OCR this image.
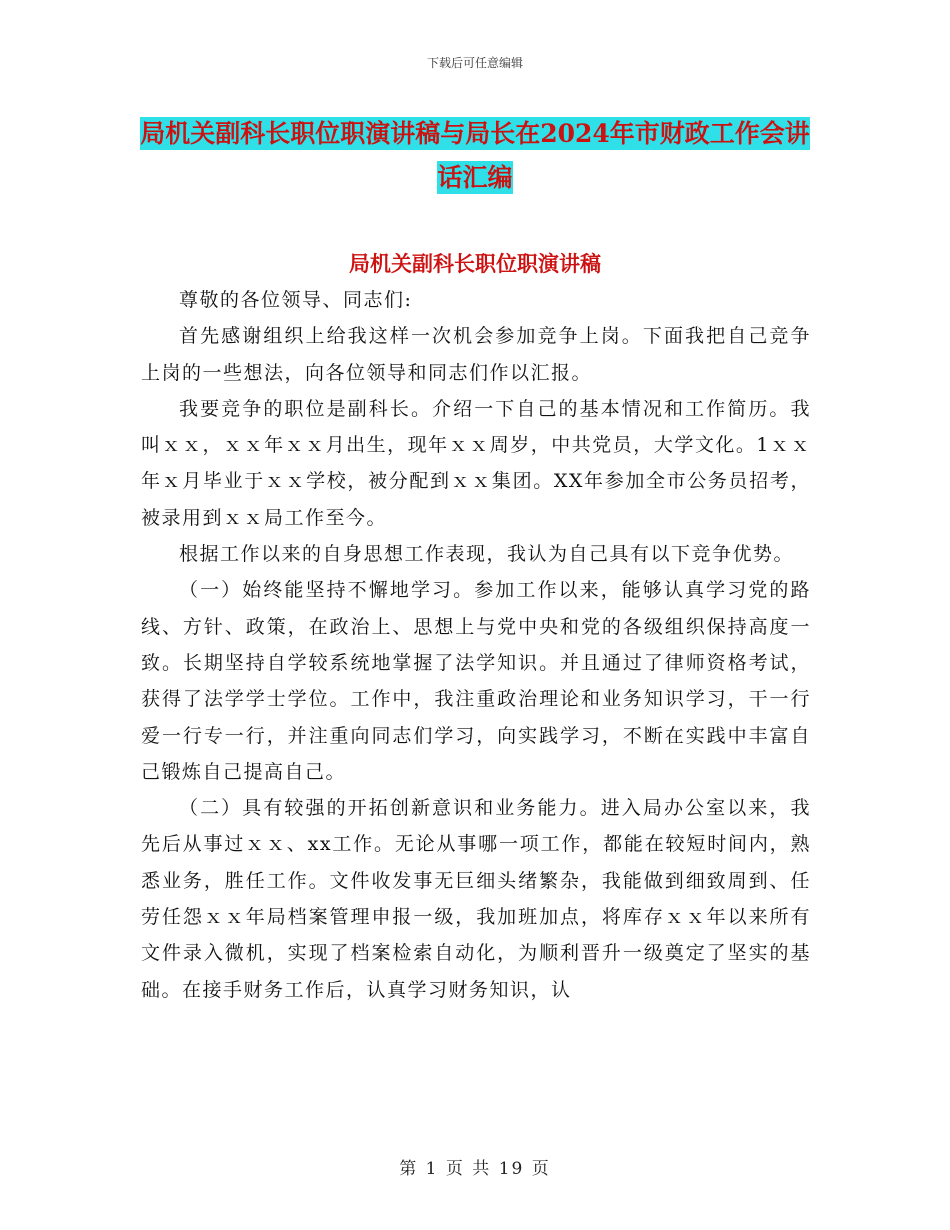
下载后可任意编辑
局机关副科长职位职演讲稿与局长在2024年市财政工作会讲话汇编
局机关副科长职位职演讲稿

尊敬的各位领导、同志们:

首先感谢组织上给我这样一次机会参加竞争上岗。下面我把自己竞争上岗的一些想法，向各位领导和同志们作以汇报。

我要竞争的职位是副科长。介绍一下自己的基本情况和工作简历。我叫ｘｘ，ｘｘ年ｘｘ月出生，现年ｘｘ周岁，中共党员，大学文化。1ｘｘ年ｘ月毕业于ｘｘ学校，被分配到ｘｘ集团。XX年参加全市公务员招考，被录用到ｘｘ局工作至今。

根据工作以来的自身思想工作表现，我认为自己具有以下竞争优势。

（一）始终能坚持不懈地学习。参加工作以来，能够认真学习党的路线、方针、政策，在政治上、思想上与党中央和党的各级组织保持高度一致。长期坚持自学较系统地掌握了法学知识。并且通过了律师资格考试，获得了法学学士学位。工作中，我注重政治理论和业务知识学习，干一行爱一行专一行，并注重向同志们学习，向实践学习，不断在实践中丰富自己锻炼自己提高自己。

（二）具有较强的开拓创新意识和业务能力。进入局办公室以来，我先后从事过ｘｘ、xx工作。无论从事哪一项工作，都能在较短时间内，熟悉业务，胜任工作。文件收发事无巨细头绪繁杂，我能做到细致周到、任劳任怨ｘｘ年局档案管理申报一级，我加班加点，将库存ｘｘ年以来所有文件录入微机，实现了档案检索自动化，为顺利晋升一级奠定了坚实的基础。在接手财务工作后，认真学习财务知识，认

第 1 页 共 19 页
